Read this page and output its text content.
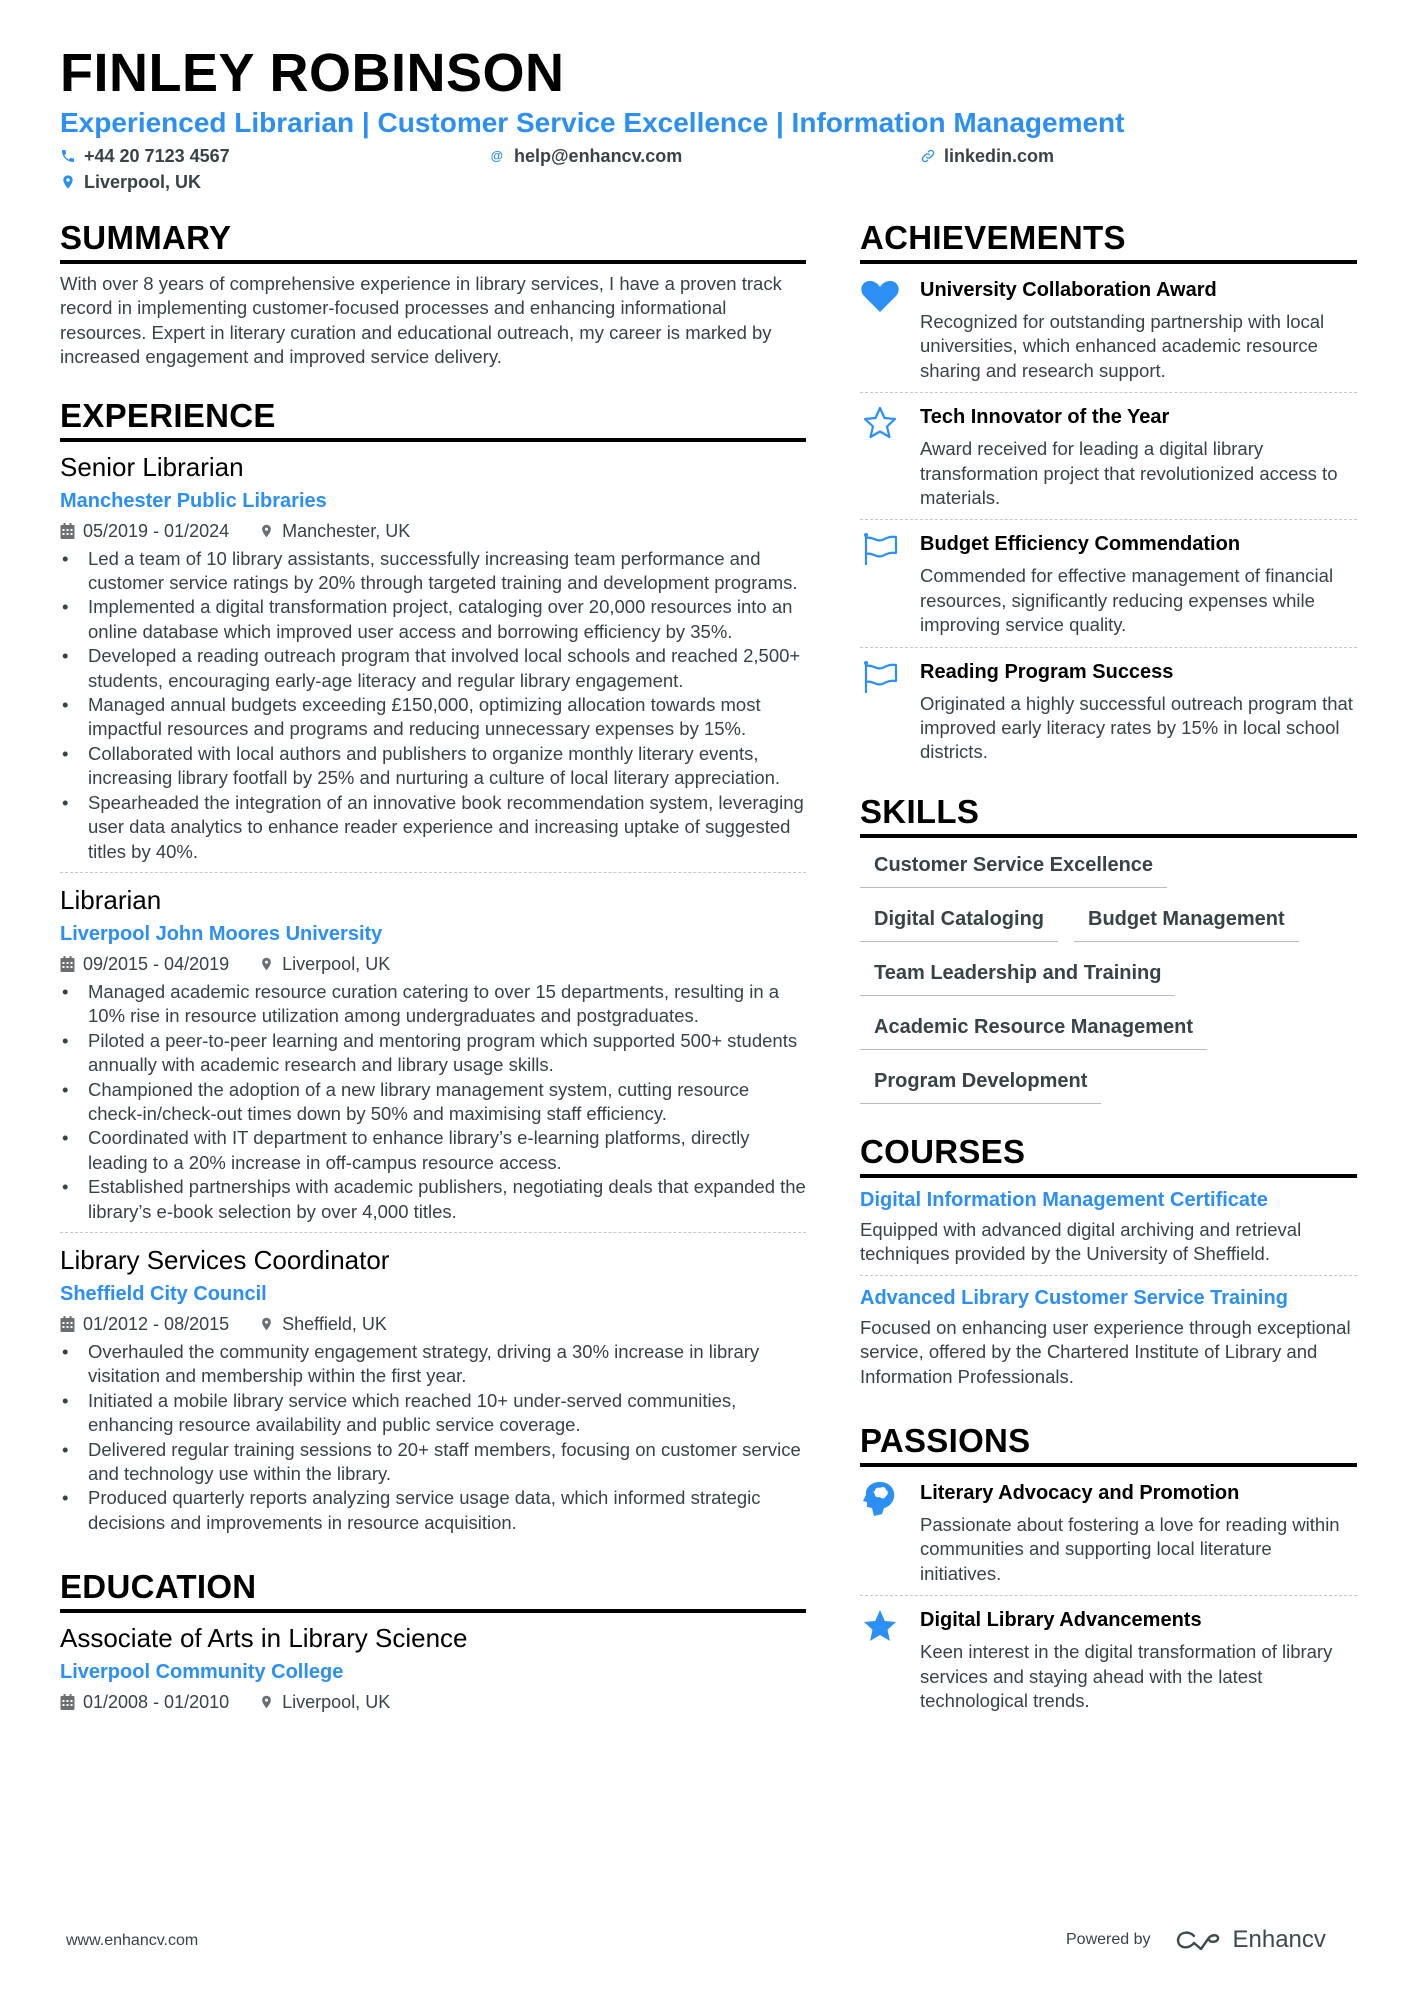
FINLEY ROBINSON
Experienced Librarian | Customer Service Excellence | Information Management
+44 20 7123 4567	@ help@enhancv.com	linkedin.com
Liverpool, UK
SUMMARY
With over 8 years of comprehensive experience in library services, I have a proven track record in implementing customer-focused processes and enhancing informational resources. Expert in literary curation and educational outreach, my career is marked by increased engagement and improved service delivery.
EXPERIENCE
Senior Librarian
Manchester Public Libraries
05/2019 - 01/2024	Manchester, UK
• Led a team of 10 library assistants, successfully increasing team performance and customer service ratings by 20% through targeted training and development programs.
• Implemented a digital transformation project, cataloging over 20,000 resources into an online database which improved user access and borrowing efficiency by 35%.
• Developed a reading outreach program that involved local schools and reached 2,500+ students, encouraging early-age literacy and regular library engagement.
• Managed annual budgets exceeding £150,000, optimizing allocation towards most impactful resources and programs and reducing unnecessary expenses by 15%.
• Collaborated with local authors and publishers to organize monthly literary events, increasing library footfall by 25% and nurturing a culture of local literary appreciation.
• Spearheaded the integration of an innovative book recommendation system, leveraging user data analytics to enhance reader experience and increasing uptake of suggested titles by 40%.
Librarian
Liverpool John Moores University
09/2015 - 04/2019	Liverpool, UK
• Managed academic resource curation catering to over 15 departments, resulting in a 10% rise in resource utilization among undergraduates and postgraduates.
• Piloted a peer-to-peer learning and mentoring program which supported 500+ students annually with academic research and library usage skills.
• Championed the adoption of a new library management system, cutting resource check-in/check-out times down by 50% and maximising staff efficiency.
• Coordinated with IT department to enhance library’s e-learning platforms, directly leading to a 20% increase in off-campus resource access.
• Established partnerships with academic publishers, negotiating deals that expanded the library’s e-book selection by over 4,000 titles.
Library Services Coordinator
Sheffield City Council
01/2012 - 08/2015	Sheffield, UK
• Overhauled the community engagement strategy, driving a 30% increase in library visitation and membership within the first year.
• Initiated a mobile library service which reached 10+ under-served communities, enhancing resource availability and public service coverage.
• Delivered regular training sessions to 20+ staff members, focusing on customer service and technology use within the library.
• Produced quarterly reports analyzing service usage data, which informed strategic decisions and improvements in resource acquisition.
EDUCATION
Associate of Arts in Library Science
Liverpool Community College
01/2008 - 01/2010	Liverpool, UK
ACHIEVEMENTS
University Collaboration Award
Recognized for outstanding partnership with local universities, which enhanced academic resource sharing and research support.
Tech Innovator of the Year
Award received for leading a digital library transformation project that revolutionized access to materials.
Budget Efficiency Commendation
Commended for effective management of financial resources, significantly reducing expenses while improving service quality.
Reading Program Success
Originated a highly successful outreach program that improved early literacy rates by 15% in local school districts.
SKILLS
Customer Service Excellence
Digital Cataloging	Budget Management
Team Leadership and Training
Academic Resource Management
Program Development
COURSES
Digital Information Management Certificate
Equipped with advanced digital archiving and retrieval techniques provided by the University of Sheffield.
Advanced Library Customer Service Training
Focused on enhancing user experience through exceptional service, offered by the Chartered Institute of Library and Information Professionals.
PASSIONS
Literary Advocacy and Promotion
Passionate about fostering a love for reading within communities and supporting local literature initiatives.
Digital Library Advancements
Keen interest in the digital transformation of library services and staying ahead with the latest technological trends.
www.enhancv.com	Powered by	Enhancv
